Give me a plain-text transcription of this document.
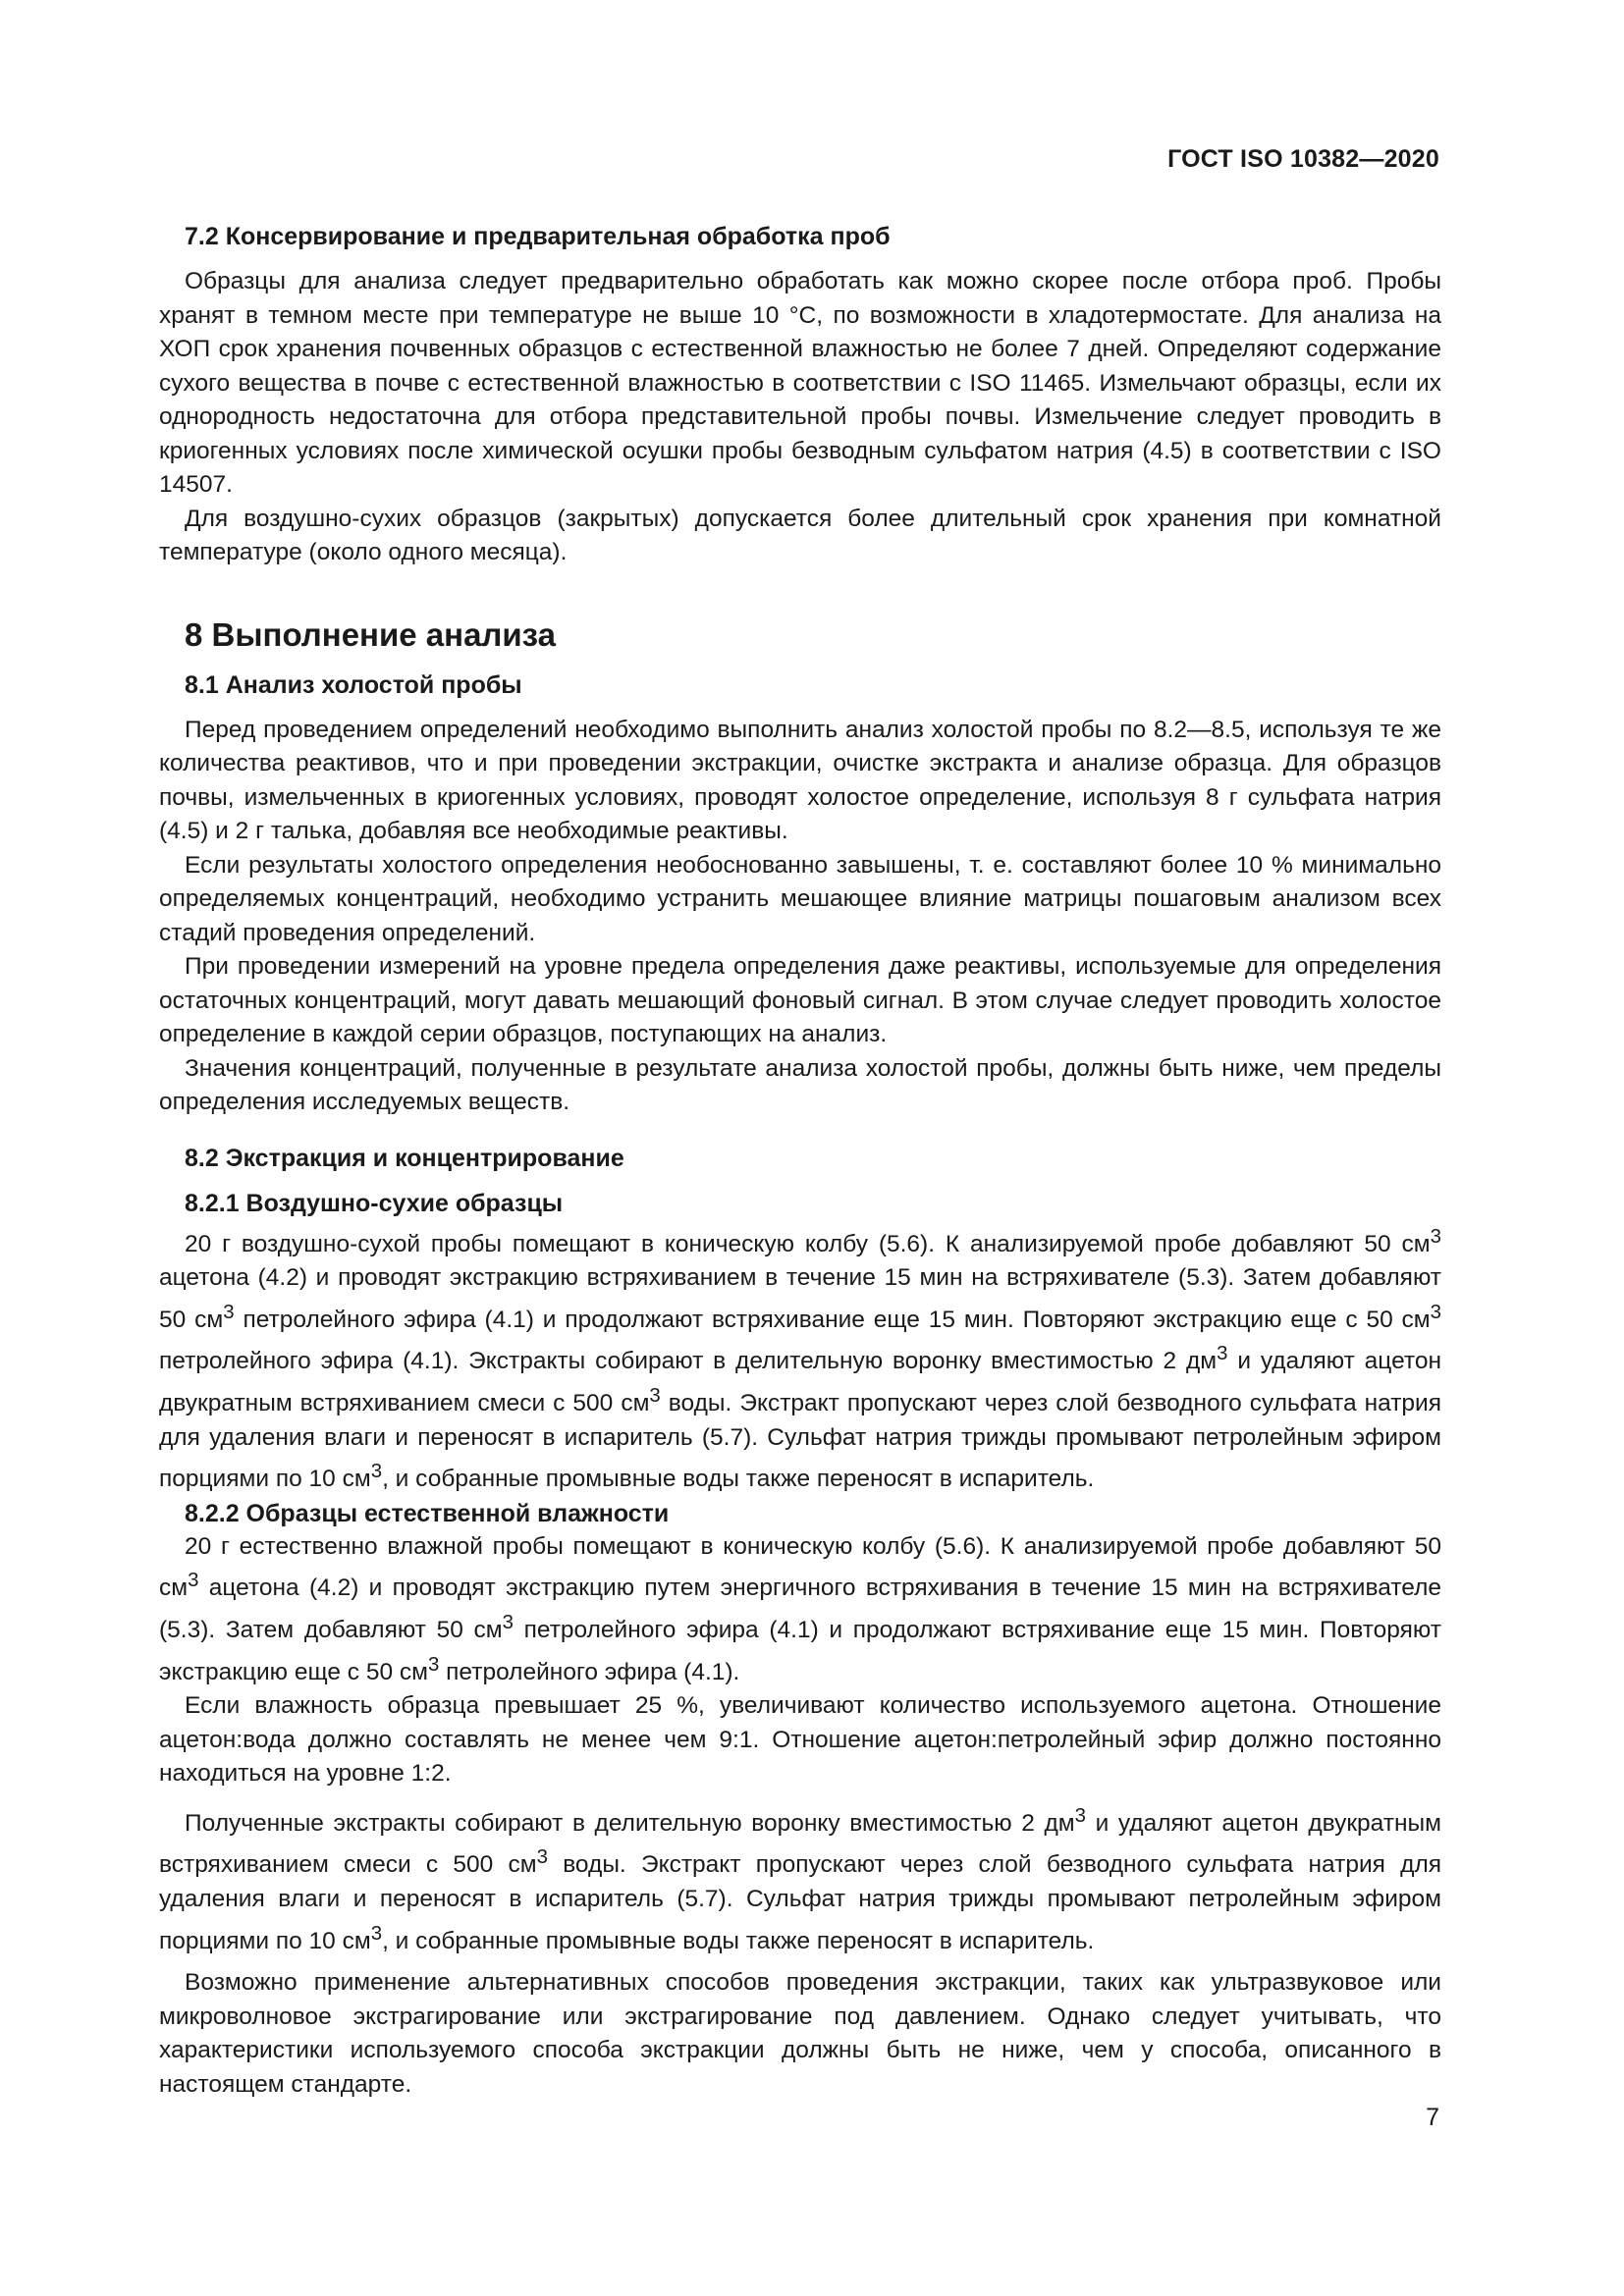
ГОСТ ISO 10382—2020
7.2 Консервирование и предварительная обработка проб

Образцы для анализа следует предварительно обработать как можно скорее после отбора проб. Пробы хранят в темном месте при температуре не выше 10 °C, по возможности в хладотермостате. Для анализа на ХОП срок хранения почвенных образцов с естественной влажностью не более 7 дней. Определяют содержание сухого вещества в почве с естественной влажностью в соответствии с ISO 11465. Измельчают образцы, если их однородность недостаточна для отбора представительной пробы почвы. Измельчение следует проводить в криогенных условиях после химической осушки пробы безводным сульфатом натрия (4.5) в соответствии с ISO 14507.

Для воздушно-сухих образцов (закрытых) допускается более длительный срок хранения при комнатной температуре (около одного месяца).

8 Выполнение анализа
8.1 Анализ холостой пробы

Перед проведением определений необходимо выполнить анализ холостой пробы по 8.2—8.5, используя те же количества реактивов, что и при проведении экстракции, очистке экстракта и анализе образца. Для образцов почвы, измельченных в криогенных условиях, проводят холостое определение, используя 8 г сульфата натрия (4.5) и 2 г талька, добавляя все необходимые реактивы.

Если результаты холостого определения необоснованно завышены, т. е. составляют более 10 % минимально определяемых концентраций, необходимо устранить мешающее влияние матрицы пошаговым анализом всех стадий проведения определений.

При проведении измерений на уровне предела определения даже реактивы, используемые для определения остаточных концентраций, могут давать мешающий фоновый сигнал. В этом случае следует проводить холостое определение в каждой серии образцов, поступающих на анализ.

Значения концентраций, полученные в результате анализа холостой пробы, должны быть ниже, чем пределы определения исследуемых веществ.

8.2 Экстракция и концентрирование
8.2.1 Воздушно-сухие образцы

20 г воздушно-сухой пробы помещают в коническую колбу (5.6). К анализируемой пробе добавляют 50 $см^3$ ацетона (4.2) и проводят экстракцию встряхиванием в течение 15 мин на встряхивателе (5.3). Затем добавляют 50 $см^3$ петролейного эфира (4.1) и продолжают встряхивание еще 15 мин. Повторяют экстракцию еще с 50 $см^3$ петролейного эфира (4.1). Экстракты собирают в делительную воронку вместимостью 2 $дм^3$ и удаляют ацетон двукратным встряхиванием смеси с 500 $см^3$ воды. Экстракт пропускают через слой безводного сульфата натрия для удаления влаги и переносят в испаритель (5.7). Сульфат натрия трижды промывают петролейным эфиром порциями по 10 $см^3$, и собранные промывные воды также переносят в испаритель.

8.2.2 Образцы естественной влажности

20 г естественно влажной пробы помещают в коническую колбу (5.6). К анализируемой пробе добавляют 50 $см^3$ ацетона (4.2) и проводят экстракцию путем энергичного встряхивания в течение 15 мин на встряхивателе (5.3). Затем добавляют 50 $см^3$ петролейного эфира (4.1) и продолжают встряхивание еще 15 мин. Повторяют экстракцию еще с 50 $см^3$ петролейного эфира (4.1).

Если влажность образца превышает 25 %, увеличивают количество используемого ацетона. Отношение ацетон:вода должно составлять не менее чем 9:1. Отношение ацетон:петролейный эфир должно постоянно находиться на уровне 1:2.

Полученные экстракты собирают в делительную воронку вместимостью 2 $дм^3$ и удаляют ацетон двукратным встряхиванием смеси с 500 $см^3$ воды. Экстракт пропускают через слой безводного сульфата натрия для удаления влаги и переносят в испаритель (5.7). Сульфат натрия трижды промывают петролейным эфиром порциями по 10 $см^3$, и собранные промывные воды также переносят в испаритель.

Возможно применение альтернативных способов проведения экстракции, таких как ультразвуковое или микроволновое экстрагирование или экстрагирование под давлением. Однако следует учитывать, что характеристики используемого способа экстракции должны быть не ниже, чем у способа, описанного в настоящем стандарте.

7
